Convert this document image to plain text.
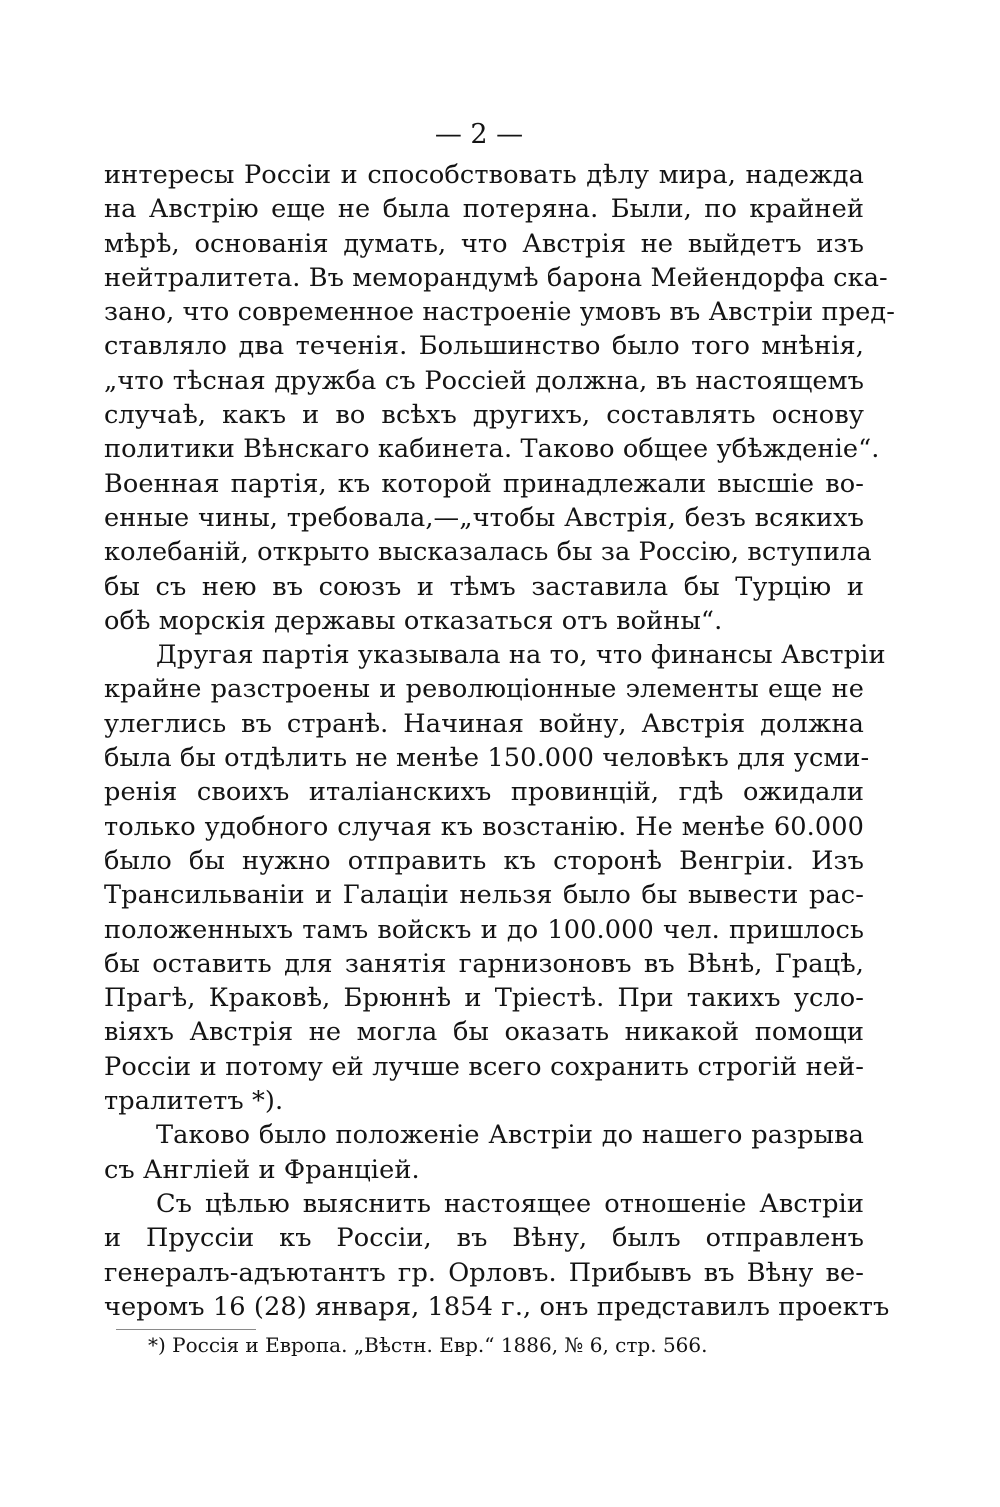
— 2 —
интересы Россіи и способствовать дѣлу мира, надежда
на Австрію еще не была потеряна. Были, по крайней
мѣрѣ, основанія думать, что Австрія не выйдетъ изъ
нейтралитета. Въ меморандумѣ барона Мейендорфа ска-
зано, что современное настроеніе умовъ въ Австріи пред-
ставляло два теченія. Большинство было того мнѣнія,
„что тѣсная дружба съ Россіей должна, въ настоящемъ
случаѣ, какъ и во всѣхъ другихъ, составлять основу
политики Вѣнскаго кабинета. Таково общее убѣжденіе“.
Военная партія, къ которой принадлежали высшіе во-
енные чины, требовала,—„чтобы Австрія, безъ всякихъ
колебаній, открыто высказалась бы за Россію, вступила
бы съ нею въ союзъ и тѣмъ заставила бы Турцію и
обѣ морскія державы отказаться отъ войны“.
Другая партія указывала на то, что финансы Австріи
крайне разстроены и революціонные элементы еще не
улеглись въ странѣ. Начиная войну, Австрія должна
была бы отдѣлить не менѣе 150.000 человѣкъ для усми-
ренія своихъ италіанскихъ провинцій, гдѣ ожидали
только удобного случая къ возстанію. Не менѣе 60.000
было бы нужно отправить къ сторонѣ Венгріи. Изъ
Трансильваніи и Галаціи нельзя было бы вывести рас-
положенныхъ тамъ войскъ и до 100.000 чел. пришлось
бы оставить для занятія гарнизоновъ въ Вѣнѣ, Грацѣ,
Прагѣ, Краковѣ, Брюннѣ и Тріестѣ. При такихъ усло-
віяхъ Австрія не могла бы оказать никакой помощи
Россіи и потому ей лучше всего сохранить строгій ней-
тралитетъ *).
Таково было положеніе Австріи до нашего разрыва
съ Англіей и Франціей.
Съ цѣлью выяснить настоящее отношеніе Австріи
и Пруссіи къ Россіи, въ Вѣну, былъ отправленъ
генералъ-адъютантъ гр. Орловъ. Прибывъ въ Вѣну ве-
черомъ 16 (28) января, 1854 г., онъ представилъ проектъ
*) Россія и Европа. „Вѣстн. Евр.“ 1886, № 6, стр. 566.
